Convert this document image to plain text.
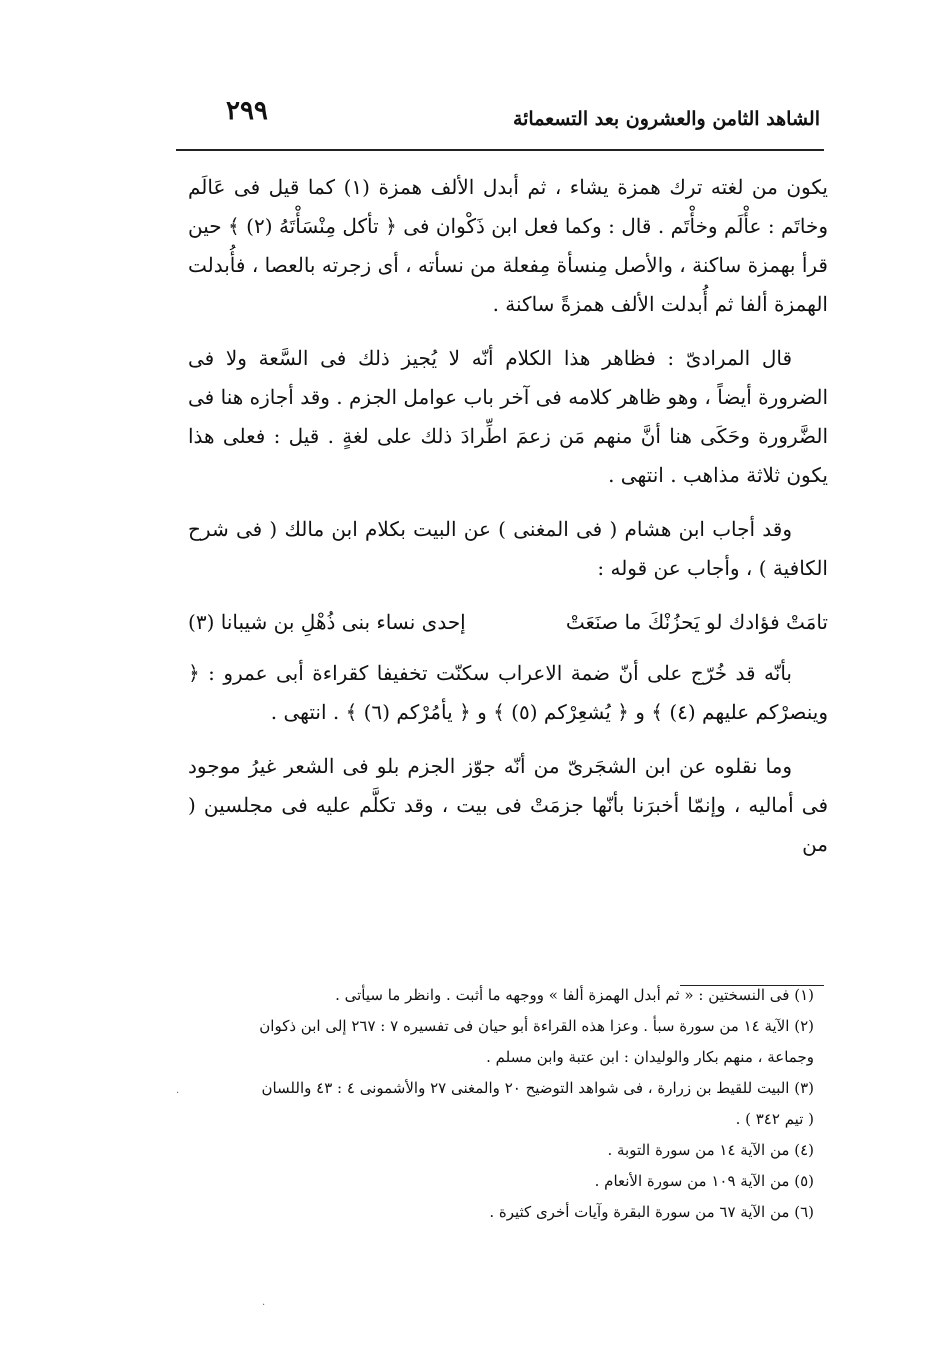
٢٩٩	الشاهد الثامن والعشرون بعد التسعمائة

يكون من لغته ترك همزة يشاء ، ثم أبدل الألف همزة (١) كما قيل فى عَالَم وخاتَم : عأْلَم وخأْتَم . قال : وكما فعل ابن ذَكْوان فى ﴿ تأكل مِنْسَأْتَهُ (٢) ﴾ حين قرأ بهمزة ساكنة ، والأصل مِنسأة مِفعلة من نسأته ، أى زجرته بالعصا ، فأُبدلت الهمزة ألفا ثم أُبدلت الألف همزةً ساكنة .

قال المرادىّ : فظاهر هذا الكلام أنّه لا يُجيز ذلك فى السَّعة ولا فى الضرورة أيضاً ، وهو ظاهر كلامه فى آخر باب عوامل الجزم . وقد أجازه هنا فى الضَّرورة وحَكَى هنا أنَّ منهم مَن زعمَ اطِّرادَ ذلك على لغةٍ . قيل : فعلى هذا يكون ثلاثة مذاهب . انتهى .

وقد أجاب ابن هشام ( فى المغنى ) عن البيت بكلام ابن مالك ( فى شرح الكافية ) ، وأجاب عن قوله :

تامَتْ فؤادك لو يَحزُنْكَ ما صنَعَتْ
إحدى نساء بنى ذُهْلِ بن شيبانا (٣)

بأنّه قد خُرّج على أنّ ضمة الاعراب سكنّت تخفيفا كقراءة أبى عمرو : ﴿ وينصرْكم عليهم (٤) ﴾ و ﴿ يُشعِرْكم (٥) ﴾ و ﴿ يأمُرْكم (٦) ﴾ . انتهى .

وما نقلوه عن ابن الشجَرىّ من أنّه جوّز الجزم بلو فى الشعر غيرُ موجود فى أماليه ، وإنمّا أخبرَنا بأنّها جزمَتْ فى بيت ، وقد تكلَّم عليه فى مجلسين ( من

(١) فى النسختين : « ثم أبدل الهمزة ألفا » ووجهه ما أثبت . وانظر ما سيأتى .

(٢) الآية ١٤ من سورة سبأ . وعزا هذه القراءة أبو حيان فى تفسيره ٧ : ٢٦٧ إلى ابن ذكوان

وجماعة ، منهم بكار والوليدان : ابن عتبة وابن مسلم .

(٣) البيت للقيط بن زرارة ، فى شواهد التوضيح ٢٠ والمغنى ٢٧ والأشمونى ٤ : ٤٣ واللسان

( تيم ٣٤٢ ) .

(٤) من الآية ١٤ من سورة التوبة .

(٥) من الآية ١٠٩ من سورة الأنعام .

(٦) من الآية ٦٧ من سورة البقرة وآيات أخرى كثيرة .

·
·
